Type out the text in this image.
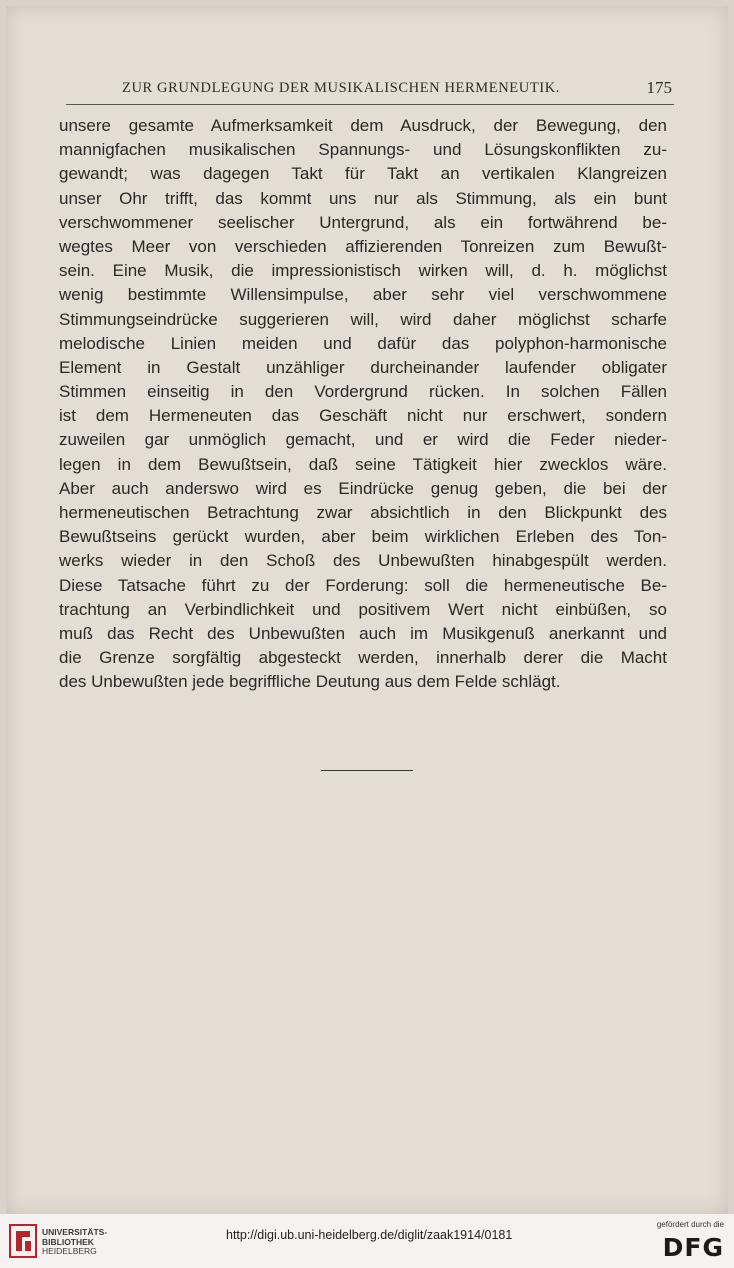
ZUR GRUNDLEGUNG DER MUSIKALISCHEN HERMENEUTIK.	175
unsere gesamte Aufmerksamkeit dem Ausdruck, der Bewegung, den
mannigfachen musikalischen Spannungs- und Lösungskonflikten zu-
gewandt; was dagegen Takt für Takt an vertikalen Klangreizen
unser Ohr trifft, das kommt uns nur als Stimmung, als ein bunt
verschwommener seelischer Untergrund, als ein fortwährend be-
wegtes Meer von verschieden affizierenden Tonreizen zum Bewußt-
sein. Eine Musik, die impressionistisch wirken will, d. h. möglichst
wenig bestimmte Willensimpulse, aber sehr viel verschwommene
Stimmungseindrücke suggerieren will, wird daher möglichst scharfe
melodische Linien meiden und dafür das polyphon-harmonische
Element in Gestalt unzähliger durcheinander laufender obligater
Stimmen einseitig in den Vordergrund rücken. In solchen Fällen
ist dem Hermeneuten das Geschäft nicht nur erschwert, sondern
zuweilen gar unmöglich gemacht, und er wird die Feder nieder-
legen in dem Bewußtsein, daß seine Tätigkeit hier zwecklos wäre.
Aber auch anderswo wird es Eindrücke genug geben, die bei der
hermeneutischen Betrachtung zwar absichtlich in den Blickpunkt des
Bewußtseins gerückt wurden, aber beim wirklichen Erleben des Ton-
werks wieder in den Schoß des Unbewußten hinabgespült werden.
Diese Tatsache führt zu der Forderung: soll die hermeneutische Be-
trachtung an Verbindlichkeit und positivem Wert nicht einbüßen, so
muß das Recht des Unbewußten auch im Musikgenuß anerkannt und
die Grenze sorgfältig abgesteckt werden, innerhalb derer die Macht
des Unbewußten jede begriffliche Deutung aus dem Felde schlägt.
UNIVERSITÄTS-
BIBLIOTHEK
HEIDELBERG
http://digi.ub.uni-heidelberg.de/diglit/zaak1914/0181
gefördert durch die
DFG
